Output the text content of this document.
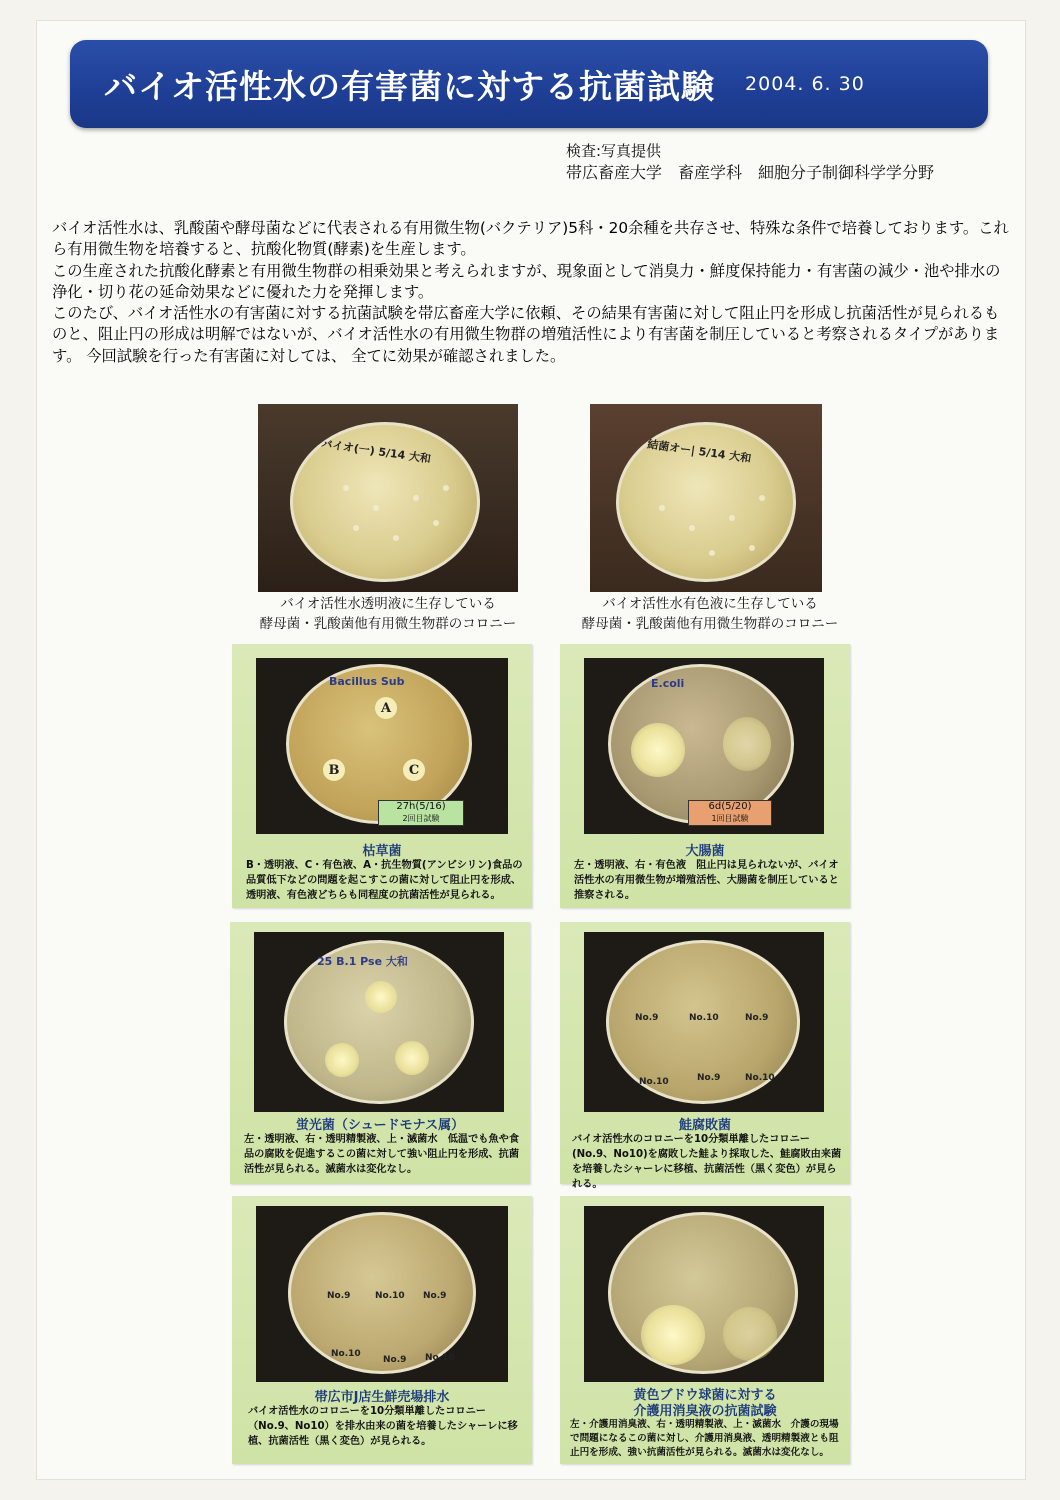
バイオ活性水の有害菌に対する抗菌試験 2004. 6. 30
検査:写真提供
帯広畜産大学　畜産学科　細胞分子制御科学学分野

バイオ活性水は、乳酸菌や酵母菌などに代表される有用微生物(バクテリア)5科・20余種を共存させ、特殊な条件で培養しております。これら有用微生物を培養すると、抗酸化物質(酵素)を生産します。

この生産された抗酸化酵素と有用微生物群の相乗効果と考えられますが、現象面として消臭力・鮮度保持能力・有害菌の減少・池や排水の浄化・切り花の延命効果などに優れた力を発揮します。

このたび、バイオ活性水の有害菌に対する抗菌試験を帯広畜産大学に依頼、その結果有害菌に対して阻止円を形成し抗菌活性が見られるものと、阻止円の形成は明解ではないが、バイオ活性水の有用微生物群の増殖活性により有害菌を制圧していると考察されるタイプがあります。 今回試験を行った有害菌に対しては、 全てに効果が確認されました。

バイオ(一) 5/14 大和
バイオ活性水透明液に生存している
酵母菌・乳酸菌他有用微生物群のコロニー
結菌オー| 5/14 大和
バイオ活性水有色液に生存している
酵母菌・乳酸菌他有用微生物群のコロニー
Bacillus Sub
A
B	C
27h(5/16)
2回目試験
枯草菌
B・透明液、C・有色液、A・抗生物質(アンピシリン)食品の品質低下などの問題を起こすこの菌に対して阻止円を形成、透明液、有色液どちらも同程度の抗菌活性が見られる。
E.coli
6d(5/20)
1回目試験
大腸菌
左・透明液、右・有色液　阻止円は見られないが、バイオ活性水の有用微生物が増殖活性、大腸菌を制圧していると推察される。
25 B.1 Pse 大和
蛍光菌（シュードモナス属）
左・透明液、右・透明精製液、上・滅菌水　低温でも魚や食品の腐敗を促進するこの菌に対して強い阻止円を形成、抗菌活性が見られる。滅菌水は変化なし。
No.9	No.10	No.9
No.10	No.9	No.10
鮭腐敗菌
バイオ活性水のコロニーを10分類単離したコロニー(No.9、No10)を腐敗した鮭より採取した、鮭腐敗由来菌を培養したシャーレに移植、抗菌活性（黒く変色）が見られる。
No.9	No.10 No.9
No.10
No.9 No.10
帯広市J店生鮮売場排水
バイオ活性水のコロニーを10分類単離したコロニー（No.9、No10）を排水由来の菌を培養したシャーレに移植、抗菌活性（黒く変色）が見られる。
黄色ブドウ球菌に対する
介護用消臭液の抗菌試験
左・介護用消臭液、右・透明精製液、上・滅菌水　介護の現場で問題になるこの菌に対し、介護用消臭液、透明精製液とも阻止円を形成、強い抗菌活性が見られる。滅菌水は変化なし。
